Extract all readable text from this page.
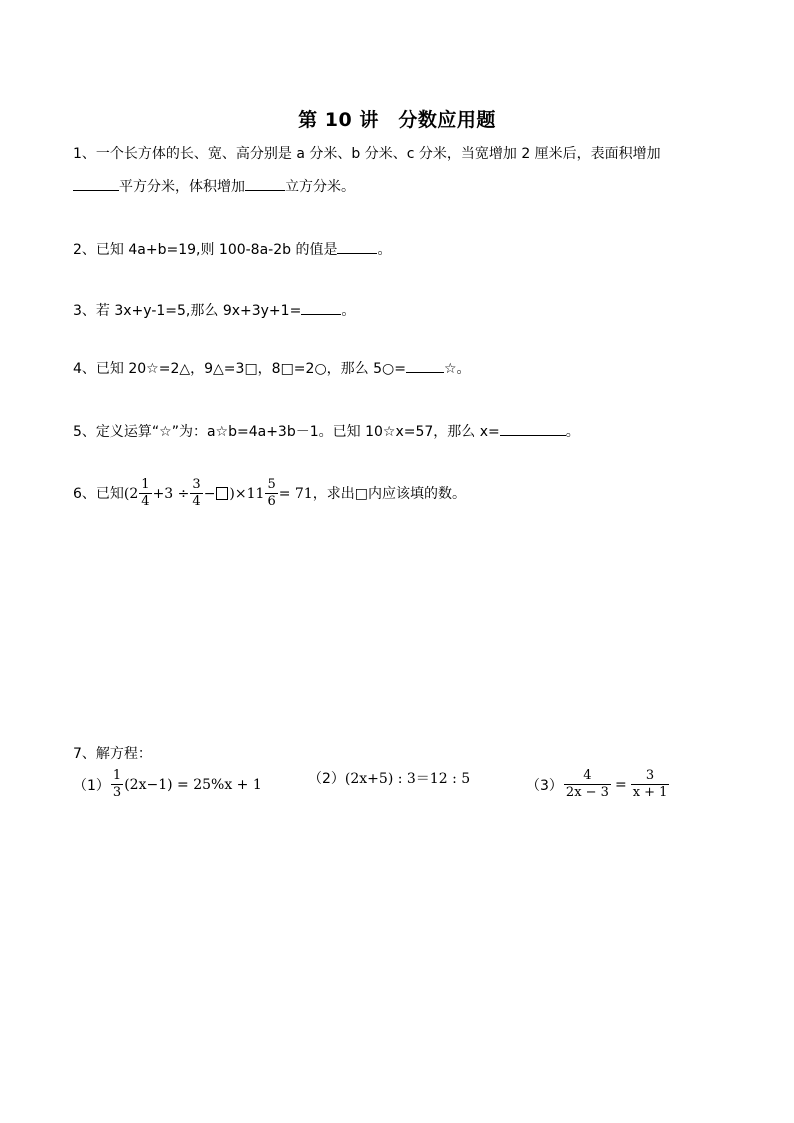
第 10 讲　分数应用题
1、一个长方体的长、宽、高分别是 a 分米、b 分米、c 分米，当宽增加 2 厘米后，表面积增加
平方分米，体积增加	立方分米。
2、已知 4a+b=19,则 100-8a-2b 的值是	。
3、若 3x+y-1=5,那么 9x+3y+1=	。
4、已知 20☆=2△，9△=3□，8□=2○，那么 5○=	☆。
5、定义运算“☆”为：a☆b=4a+3b－1。已知 10☆x=57，那么 x=	。
6、已知 $(2 \frac{1}{4} +3 \div \frac{3}{4} - )\times 11 \frac{5}{6} = 71$ ，求出□内应该填的数。
7、解方程：
$(1) \frac{1}{3} (2x-1) = 25\%x + 1$	（2） (2x+5) : 3＝12 : 5	$(3) \frac{4}{2x - 3} = \frac{3}{x + 1}$
